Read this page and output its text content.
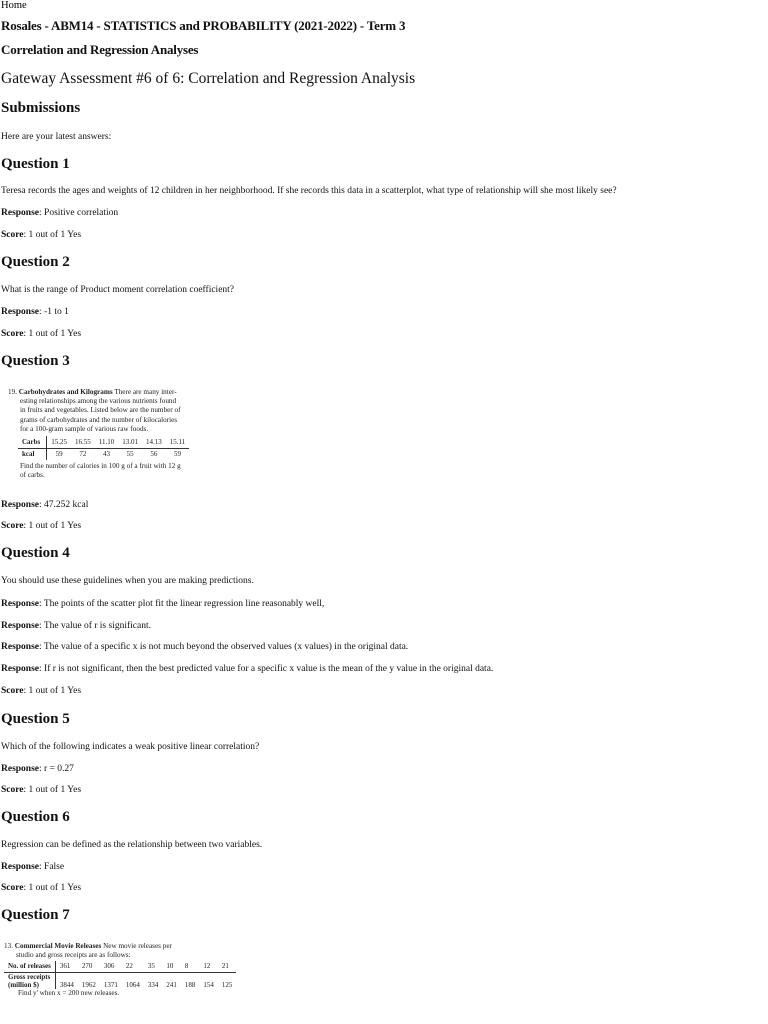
Home
Rosales - ABM14 - STATISTICS and PROBABILITY (2021-2022) - Term 3
Correlation and Regression Analyses
Gateway Assessment #6 of 6: Correlation and Regression Analysis
Submissions
Here are your latest answers:
Question 1
Teresa records the ages and weights of 12 children in her neighborhood. If she records this data in a scatterplot, what type of relationship will she most likely see?
Response: Positive correlation
Score: 1 out of 1 Yes
Question 2
What is the range of Product moment correlation coefficient?
Response: -1 to 1
Score: 1 out of 1 Yes
Question 3
19. Carbohydrates and Kilograms There are many inter-
esting relationships among the various nutrients found
in fruits and vegetables. Listed below are the number of
grams of carbohydrates and the number of kilocalories
for a 100-gram sample of various raw foods.
Carbs	15.25	16.55	11.10	13.01	14.13	15.11
kcal	59	72	43	55	56	59
Find the number of calories in 100 g of a fruit with 12 g
of carbs.
Response: 47.252 kcal
Score: 1 out of 1 Yes
Question 4
You should use these guidelines when you are making predictions.
Response: The points of the scatter plot fit the linear regression line reasonably well,
Response: The value of r is significant.
Response: The value of a specific x is not much beyond the observed values (x values) in the original data.
Response: If r is not significant, then the best predicted value for a specific x value is the mean of the y value in the original data.
Score: 1 out of 1 Yes
Question 5
Which of the following indicates a weak positive linear correlation?
Response: r = 0.27
Score: 1 out of 1 Yes
Question 6
Regression can be defined as the relationship between two variables.
Response: False
Score: 1 out of 1 Yes
Question 7
13. Commercial Movie Releases New movie releases per
studio and gross receipts are as follows:
No. of releases	361	270	306	22	35	10	8	12	21
Gross receipts
(million $)	3844	1962	1371	1064	334	241	188	154	125
Find y' when x = 200 new releases.
